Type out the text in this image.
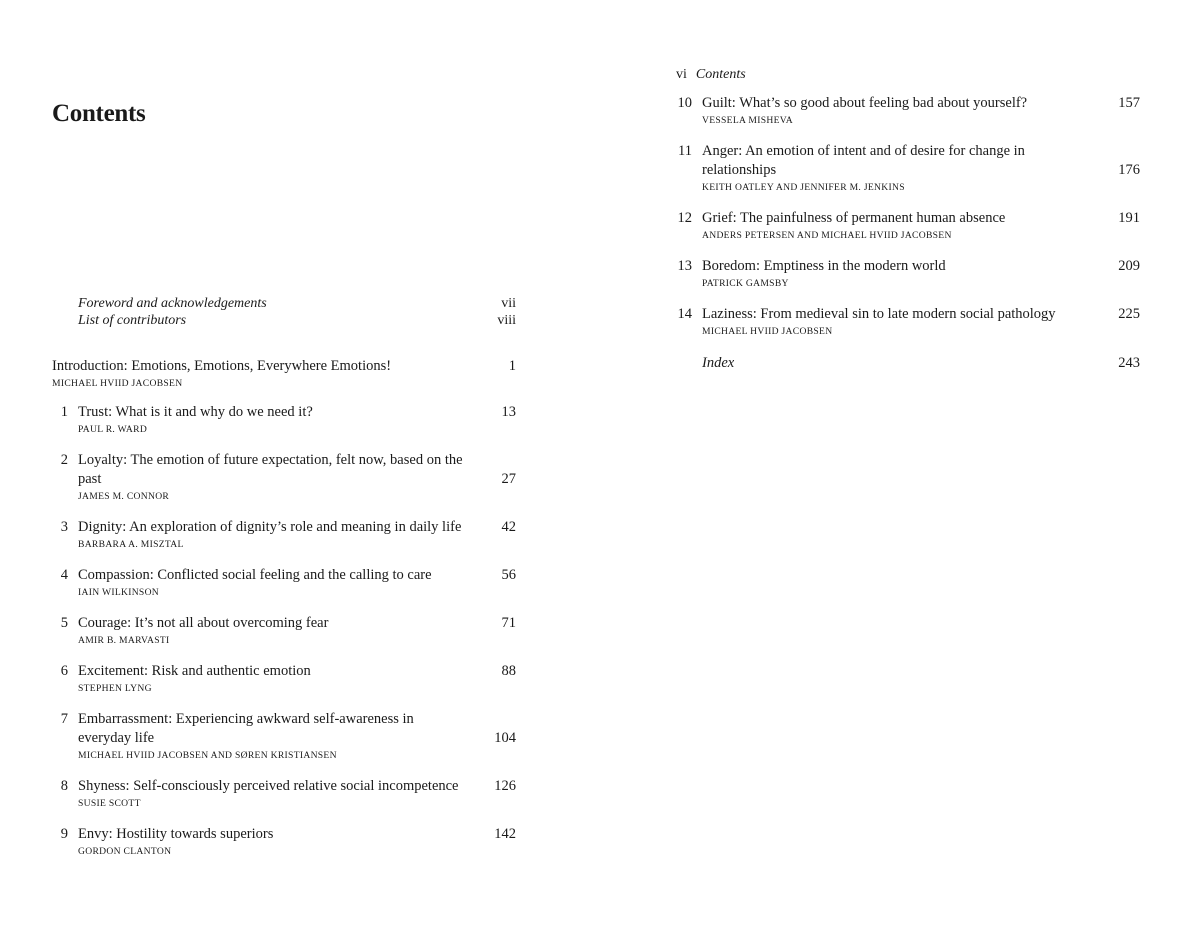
Contents
Foreword and acknowledgements	vii
List of contributors	viii
Introduction: Emotions, Emotions, Everywhere Emotions!	1
MICHAEL HVIID JACOBSEN
1 Trust: What is it and why do we need it?	13
PAUL R. WARD
2 Loyalty: The emotion of future expectation, felt now, based on the past	27
JAMES M. CONNOR
3 Dignity: An exploration of dignity’s role and meaning in daily life	42
BARBARA A. MISZTAL
4 Compassion: Conflicted social feeling and the calling to care	56
IAIN WILKINSON
5 Courage: It’s not all about overcoming fear	71
AMIR B. MARVASTI
6 Excitement: Risk and authentic emotion	88
STEPHEN LYNG
7 Embarrassment: Experiencing awkward self-awareness in everyday life	104
MICHAEL HVIID JACOBSEN AND SØREN KRISTIANSEN
8 Shyness: Self-consciously perceived relative social incompetence	126
SUSIE SCOTT
9 Envy: Hostility towards superiors	142
GORDON CLANTON
vi Contents
10 Guilt: What’s so good about feeling bad about yourself?	157
VESSELA MISHEVA
11 Anger: An emotion of intent and of desire for change in relationships	176
KEITH OATLEY AND JENNIFER M. JENKINS
12 Grief: The painfulness of permanent human absence	191
ANDERS PETERSEN AND MICHAEL HVIID JACOBSEN
13 Boredom: Emptiness in the modern world	209
PATRICK GAMSBY
14 Laziness: From medieval sin to late modern social pathology	225
MICHAEL HVIID JACOBSEN
Index	243
